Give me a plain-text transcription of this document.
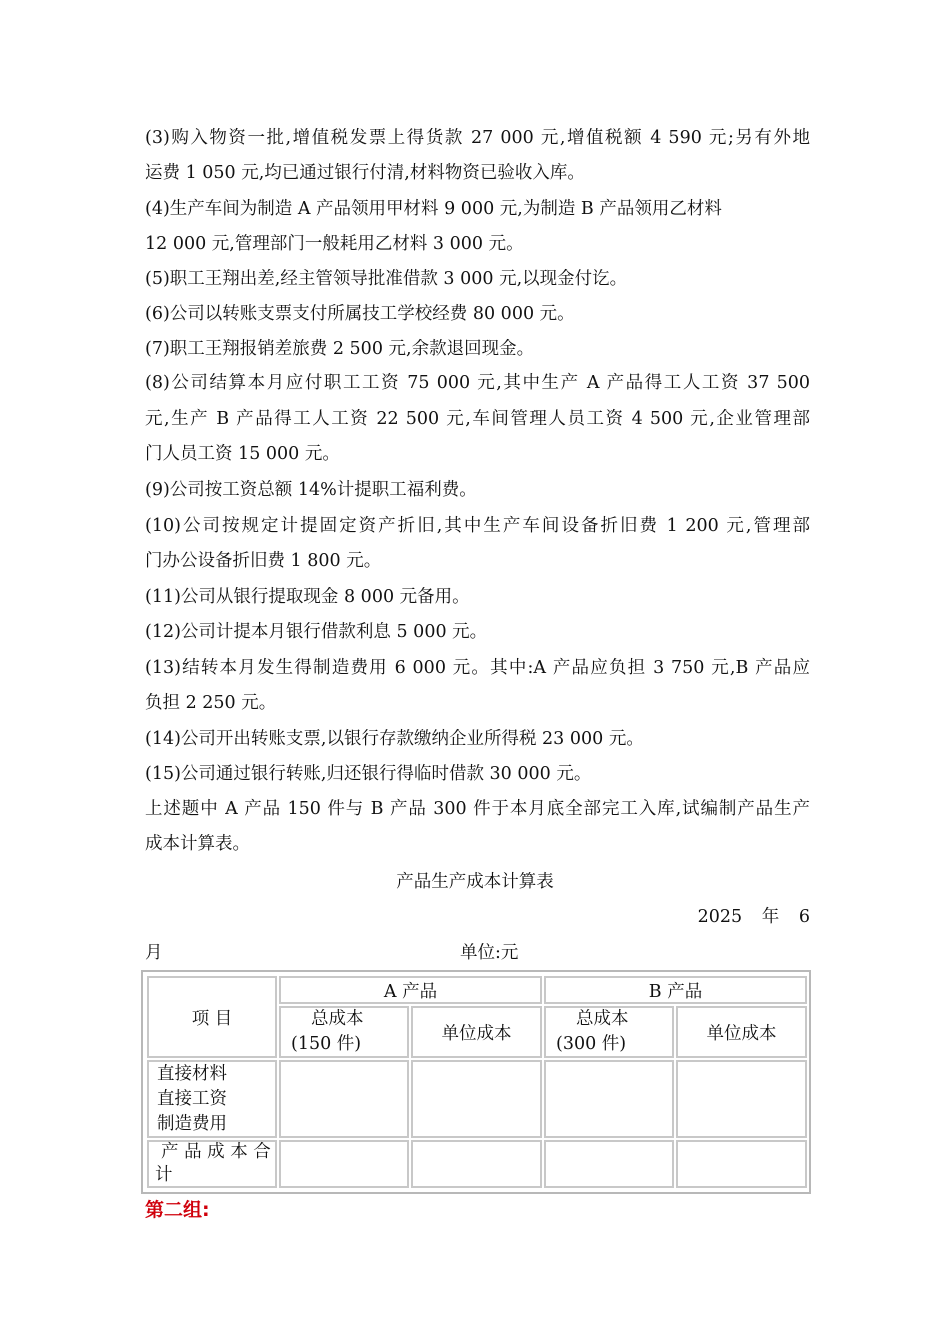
(3)购入物资一批,增值税发票上得货款 27 000 元,增值税额 4 590 元;另有外地
运费 1 050 元,均已通过银行付清,材料物资已验收入库。
(4)生产车间为制造 A 产品领用甲材料 9 000 元,为制造 B 产品领用乙材料
12 000 元,管理部门一般耗用乙材料 3 000 元。
(5)职工王翔出差,经主管领导批准借款 3 000 元,以现金付讫。
(6)公司以转账支票支付所属技工学校经费 80 000 元。
(7)职工王翔报销差旅费 2 500 元,余款退回现金。
(8)公司结算本月应付职工工资 75 000 元,其中生产 A 产品得工人工资 37 500
元,生产 B 产品得工人工资 22 500 元,车间管理人员工资 4 500 元,企业管理部
门人员工资 15 000 元。
(9)公司按工资总额 14%计提职工福利费。
(10)公司按规定计提固定资产折旧,其中生产车间设备折旧费 1 200 元,管理部
门办公设备折旧费 1 800 元。
(11)公司从银行提取现金 8 000 元备用。
(12)公司计提本月银行借款利息 5 000 元。
(13)结转本月发生得制造费用 6 000 元。其中:A 产品应负担 3 750 元,B 产品应
负担 2 250 元。
(14)公司开出转账支票,以银行存款缴纳企业所得税 23 000 元。
(15)公司通过银行转账,归还银行得临时借款 30 000 元。
上述题中 A 产品 150 件与 B 产品 300 件于本月底全部完工入库,试编制产品生产
成本计算表。
产品生产成本计算表
2025 年 6
月	单位:元
项 目
A 产品	B 产品
总成本
(150 件)
单位成本
总成本
(300 件)
单位成本
直接材料
直接工资
制造费用
产 品 成 本 合
计
第二组:
